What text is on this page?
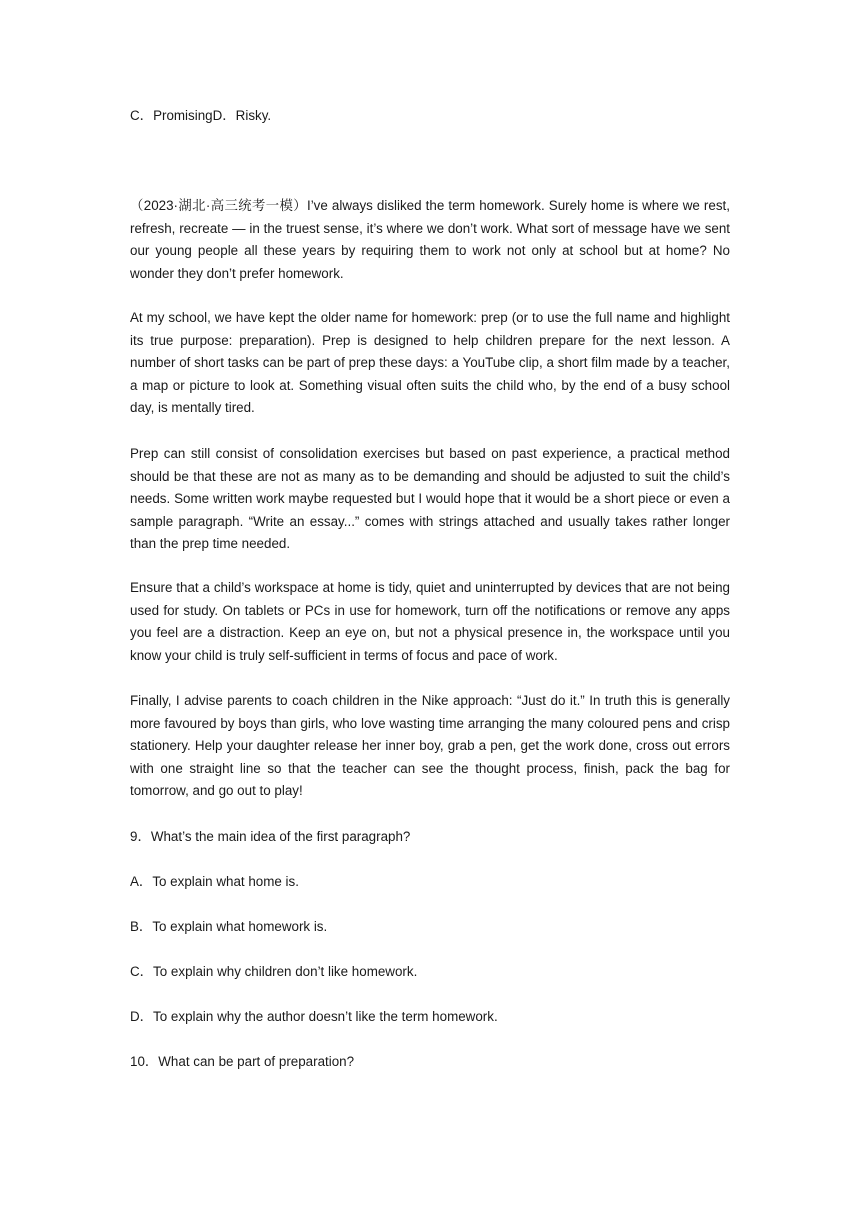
C．PromisingD．Risky.
（2023·湖北·高三统考一模）I’ve always disliked the term homework. Surely home is where we rest, refresh, recreate — in the truest sense, it’s where we don’t work. What sort of message have we sent our young people all these years by requiring them to work not only at school but at home? No wonder they don’t prefer homework.
At my school, we have kept the older name for homework: prep (or to use the full name and highlight its true purpose: preparation). Prep is designed to help children prepare for the next lesson. A number of short tasks can be part of prep these days: a YouTube clip, a short film made by a teacher, a map or picture to look at. Something visual often suits the child who, by the end of a busy school day, is mentally tired.
Prep can still consist of consolidation exercises but based on past experience, a practical method should be that these are not as many as to be demanding and should be adjusted to suit the child’s needs. Some written work maybe requested but I would hope that it would be a short piece or even a sample paragraph. “Write an essay...” comes with strings attached and usually takes rather longer than the prep time needed.
Ensure that a child’s workspace at home is tidy, quiet and uninterrupted by devices that are not being used for study. On tablets or PCs in use for homework, turn off the notifications or remove any apps you feel are a distraction. Keep an eye on, but not a physical presence in, the workspace until you know your child is truly self-sufficient in terms of focus and pace of work.
Finally, I advise parents to coach children in the Nike approach: “Just do it.” In truth this is generally more favoured by boys than girls, who love wasting time arranging the many coloured pens and crisp stationery. Help your daughter release her inner boy, grab a pen, get the work done, cross out errors with one straight line so that the teacher can see the thought process, finish, pack the bag for tomorrow, and go out to play!
9．What’s the main idea of the first paragraph?
A．To explain what home is.
B．To explain what homework is.
C．To explain why children don’t like homework.
D．To explain why the author doesn’t like the term homework.
10．What can be part of preparation?
